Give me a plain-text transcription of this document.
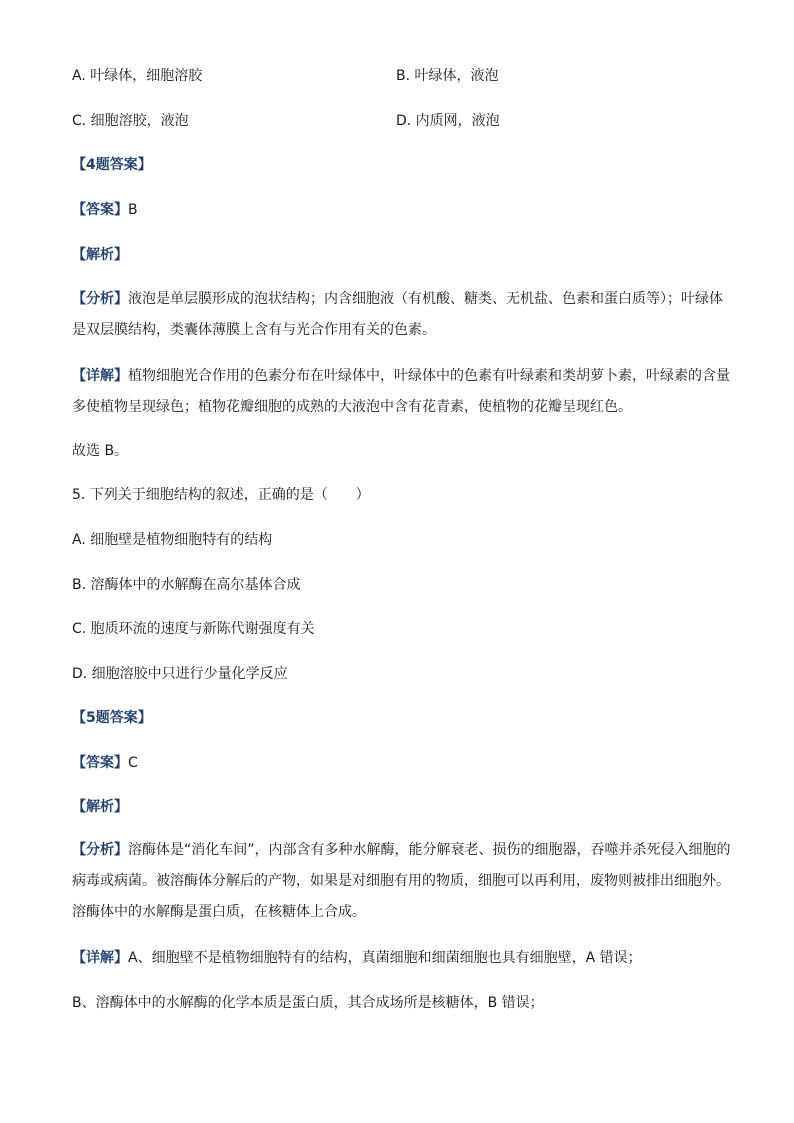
A. 叶绿体，细胞溶胶	B. 叶绿体，液泡
C. 细胞溶胶，液泡	D. 内质网，液泡
【4题答案】
【答案】B
【解析】
【分析】液泡是单层膜形成的泡状结构；内含细胞液（有机酸、糖类、无机盐、色素和蛋白质等）；叶绿体是双层膜结构，类囊体薄膜上含有与光合作用有关的色素。
【详解】植物细胞光合作用的色素分布在叶绿体中，叶绿体中的色素有叶绿素和类胡萝卜素，叶绿素的含量多使植物呈现绿色；植物花瓣细胞的成熟的大液泡中含有花青素，使植物的花瓣呈现红色。
故选 B。
5. 下列关于细胞结构的叙述，正确的是（　　）
A. 细胞壁是植物细胞特有的结构
B. 溶酶体中的水解酶在高尔基体合成
C. 胞质环流的速度与新陈代谢强度有关
D. 细胞溶胶中只进行少量化学反应
【5题答案】
【答案】C
【解析】
【分析】溶酶体是“消化车间”，内部含有多种水解酶，能分解衰老、损伤的细胞器，吞噬并杀死侵入细胞的病毒或病菌。被溶酶体分解后的产物，如果是对细胞有用的物质，细胞可以再利用，废物则被排出细胞外。溶酶体中的水解酶是蛋白质，在核糖体上合成。
【详解】A、细胞壁不是植物细胞特有的结构，真菌细胞和细菌细胞也具有细胞壁，A 错误；
B、溶酶体中的水解酶的化学本质是蛋白质，其合成场所是核糖体，B 错误；
